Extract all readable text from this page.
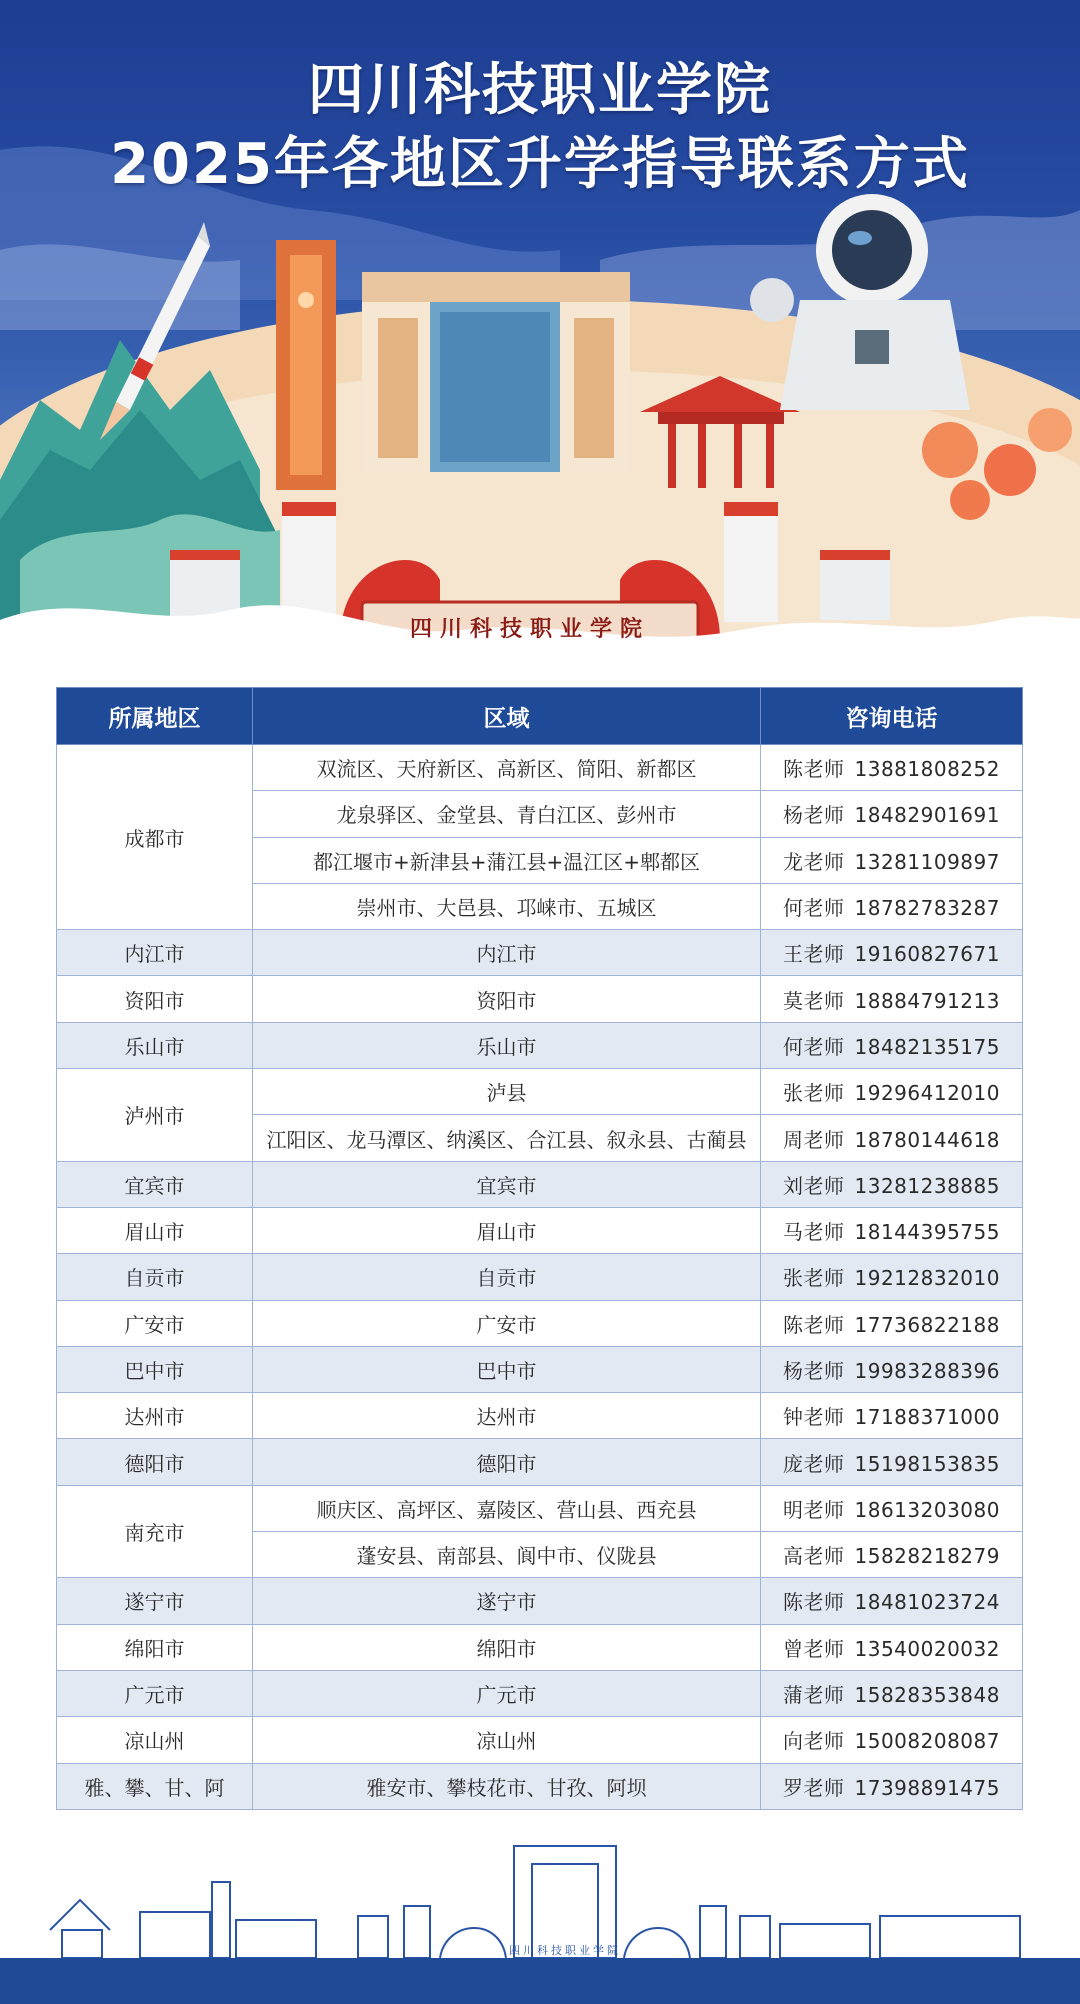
四川科技职业学院
2025年各地区升学指导联系方式
四川科技职业学院
所属地区	区域	咨询电话
成都市	双流区、天府新区、高新区、简阳、新都区	陈老师 13881808252
	龙泉驿区、金堂县、青白江区、彭州市	杨老师 18482901691
	都江堰市+新津县+蒲江县+温江区+郫都区	龙老师 13281109897
	崇州市、大邑县、邛崃市、五城区	何老师 18782783287
内江市	内江市	王老师 19160827671
资阳市	资阳市	莫老师 18884791213
乐山市	乐山市	何老师 18482135175
泸州市	泸县	张老师 19296412010
	江阳区、龙马潭区、纳溪区、合江县、叙永县、古蔺县	周老师 18780144618
宜宾市	宜宾市	刘老师 13281238885
眉山市	眉山市	马老师 18144395755
自贡市	自贡市	张老师 19212832010
广安市	广安市	陈老师 17736822188
巴中市	巴中市	杨老师 19983288396
达州市	达州市	钟老师 17188371000
德阳市	德阳市	庞老师 15198153835
南充市	顺庆区、高坪区、嘉陵区、营山县、西充县	明老师 18613203080
	蓬安县、南部县、阆中市、仪陇县	高老师 15828218279
遂宁市	遂宁市	陈老师 18481023724
绵阳市	绵阳市	曾老师 13540020032
广元市	广元市	蒲老师 15828353848
凉山州	凉山州	向老师 15008208087
雅、攀、甘、阿	雅安市、攀枝花市、甘孜、阿坝	罗老师 17398891475
四川科技职业学院
